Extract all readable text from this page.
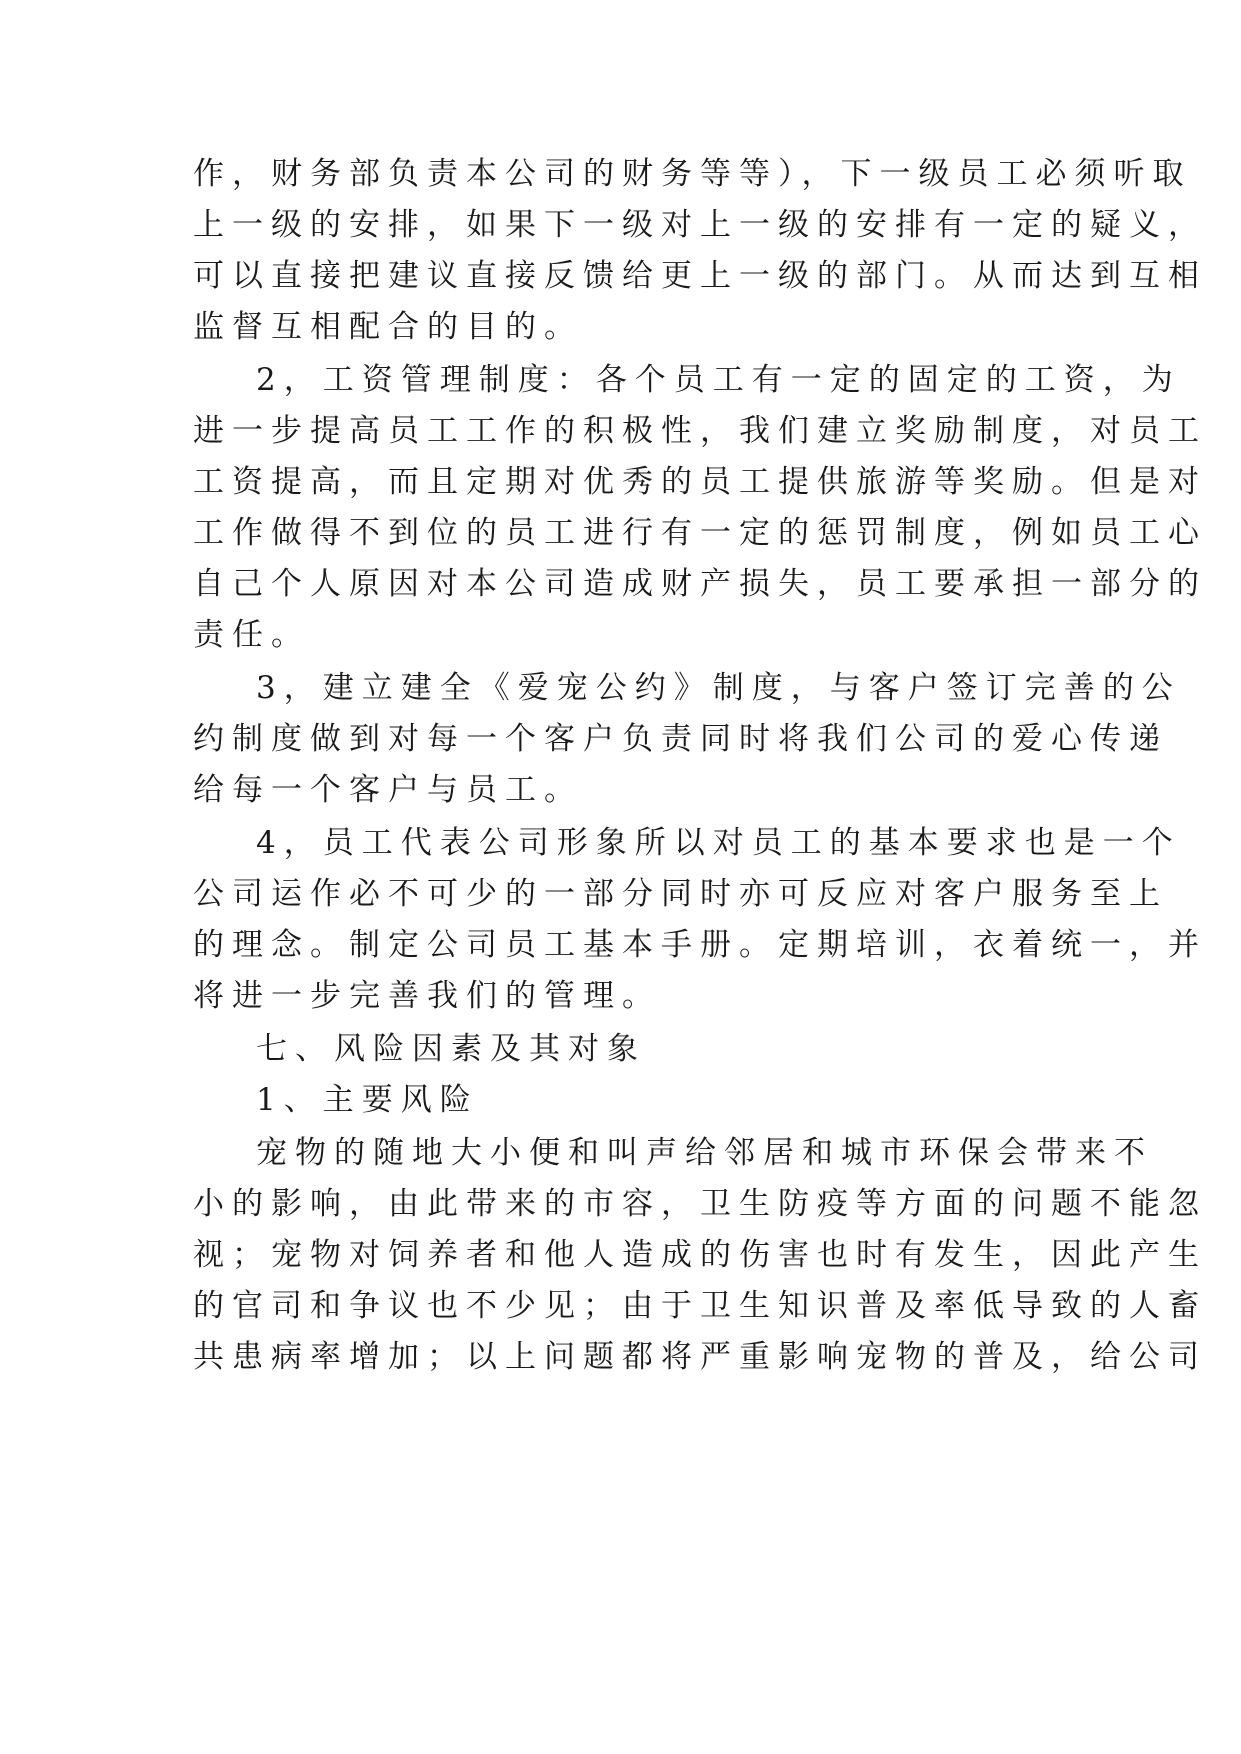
作，财务部负责本公司的财务等等），下一级员工必须听取
上一级的安排，如果下一级对上一级的安排有一定的疑义，
可以直接把建议直接反馈给更上一级的部门。从而达到互相
监督互相配合的目的。
2，工资管理制度：各个员工有一定的固定的工资，为
进一步提高员工工作的积极性，我们建立奖励制度，对员工
工资提高，而且定期对优秀的员工提供旅游等奖励。但是对
工作做得不到位的员工进行有一定的惩罚制度，例如员工心
自己个人原因对本公司造成财产损失，员工要承担一部分的
责任。
3，建立建全《爱宠公约》制度，与客户签订完善的公
约制度做到对每一个客户负责同时将我们公司的爱心传递
给每一个客户与员工。
4，员工代表公司形象所以对员工的基本要求也是一个
公司运作必不可少的一部分同时亦可反应对客户服务至上
的理念。制定公司员工基本手册。定期培训，衣着统一，并
将进一步完善我们的管理。
七、风险因素及其对象
1、主要风险
宠物的随地大小便和叫声给邻居和城市环保会带来不
小的影响，由此带来的市容，卫生防疫等方面的问题不能忽
视；宠物对饲养者和他人造成的伤害也时有发生，因此产生
的官司和争议也不少见；由于卫生知识普及率低导致的人畜
共患病率增加；以上问题都将严重影响宠物的普及，给公司
